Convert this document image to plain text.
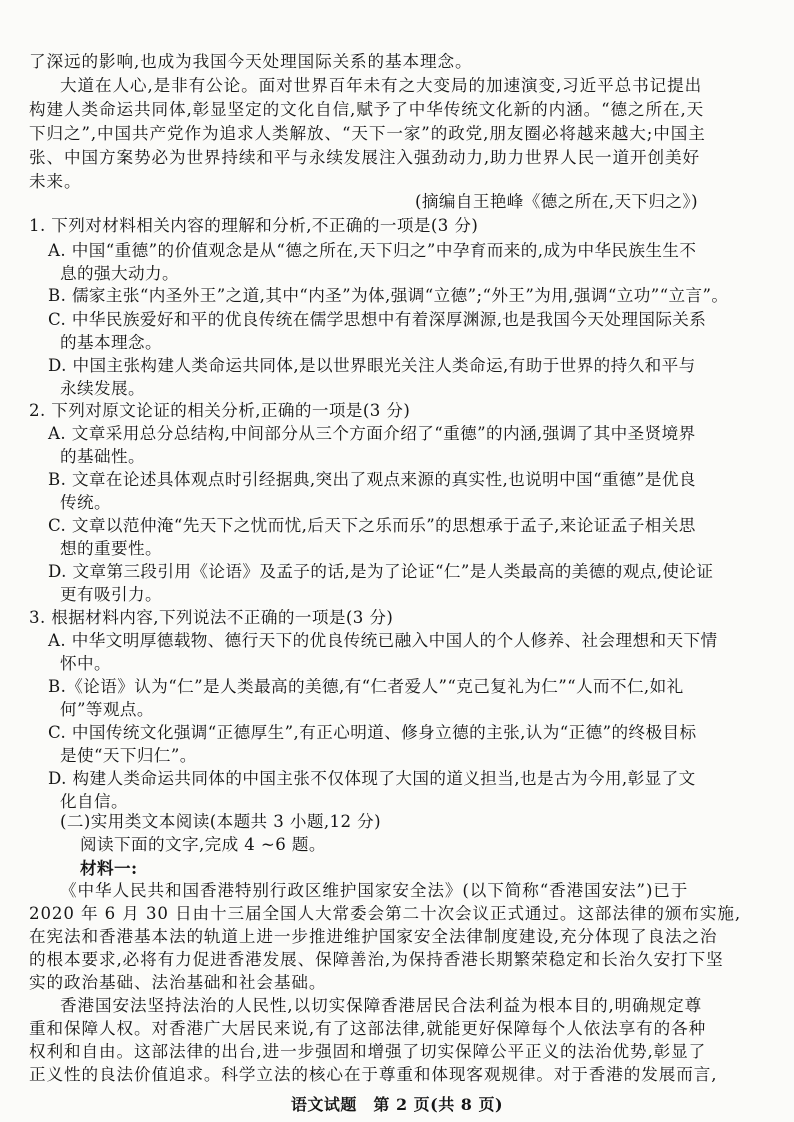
了深远的影响,也成为我国今天处理国际关系的基本理念。
大道在人心,是非有公论。面对世界百年未有之大变局的加速演变,习近平总书记提出
构建人类命运共同体,彰显坚定的文化自信,赋予了中华传统文化新的内涵。“德之所在,天
下归之”,中国共产党作为追求人类解放、“天下一家”的政党,朋友圈必将越来越大;中国主
张、中国方案势必为世界持续和平与永续发展注入强劲动力,助力世界人民一道开创美好
未来。
(摘编自王艳峰《德之所在,天下归之》)
1. 下列对材料相关内容的理解和分析,不正确的一项是(3 分)
A. 中国“重德”的价值观念是从“德之所在,天下归之”中孕育而来的,成为中华民族生生不
息的强大动力。
B. 儒家主张“内圣外王”之道,其中“内圣”为体,强调“立德”;“外王”为用,强调“立功”“立言”。
C. 中华民族爱好和平的优良传统在儒学思想中有着深厚渊源,也是我国今天处理国际关系
的基本理念。
D. 中国主张构建人类命运共同体,是以世界眼光关注人类命运,有助于世界的持久和平与
永续发展。
2. 下列对原文论证的相关分析,正确的一项是(3 分)
A. 文章采用总分总结构,中间部分从三个方面介绍了“重德”的内涵,强调了其中圣贤境界
的基础性。
B. 文章在论述具体观点时引经据典,突出了观点来源的真实性,也说明中国“重德”是优良
传统。
C. 文章以范仲淹“先天下之忧而忧,后天下之乐而乐”的思想承于孟子,来论证孟子相关思
想的重要性。
D. 文章第三段引用《论语》及孟子的话,是为了论证“仁”是人类最高的美德的观点,使论证
更有吸引力。
3. 根据材料内容,下列说法不正确的一项是(3 分)
A. 中华文明厚德载物、德行天下的优良传统已融入中国人的个人修养、社会理想和天下情
怀中。
B.《论语》认为“仁”是人类最高的美德,有“仁者爱人”“克己复礼为仁”“人而不仁,如礼
何”等观点。
C. 中国传统文化强调“正德厚生”,有正心明道、修身立德的主张,认为“正德”的终极目标
是使“天下归仁”。
D. 构建人类命运共同体的中国主张不仅体现了大国的道义担当,也是古为今用,彰显了文
化自信。
(二)实用类文本阅读(本题共 3 小题,12 分)
阅读下面的文字,完成 4 ~6 题。
材料一:
《中华人民共和国香港特别行政区维护国家安全法》(以下简称“香港国安法”)已于
2020 年 6 月 30 日由十三届全国人大常委会第二十次会议正式通过。这部法律的颁布实施,
在宪法和香港基本法的轨道上进一步推进维护国家安全法律制度建设,充分体现了良法之治
的根本要求,必将有力促进香港发展、保障善治,为保持香港长期繁荣稳定和长治久安打下坚
实的政治基础、法治基础和社会基础。
香港国安法坚持法治的人民性,以切实保障香港居民合法利益为根本目的,明确规定尊
重和保障人权。对香港广大居民来说,有了这部法律,就能更好保障每个人依法享有的各种
权利和自由。这部法律的出台,进一步强固和增强了切实保障公平正义的法治优势,彰显了
正义性的良法价值追求。科学立法的核心在于尊重和体现客观规律。对于香港的发展而言,
语文试题　第 2 页(共 8 页)
